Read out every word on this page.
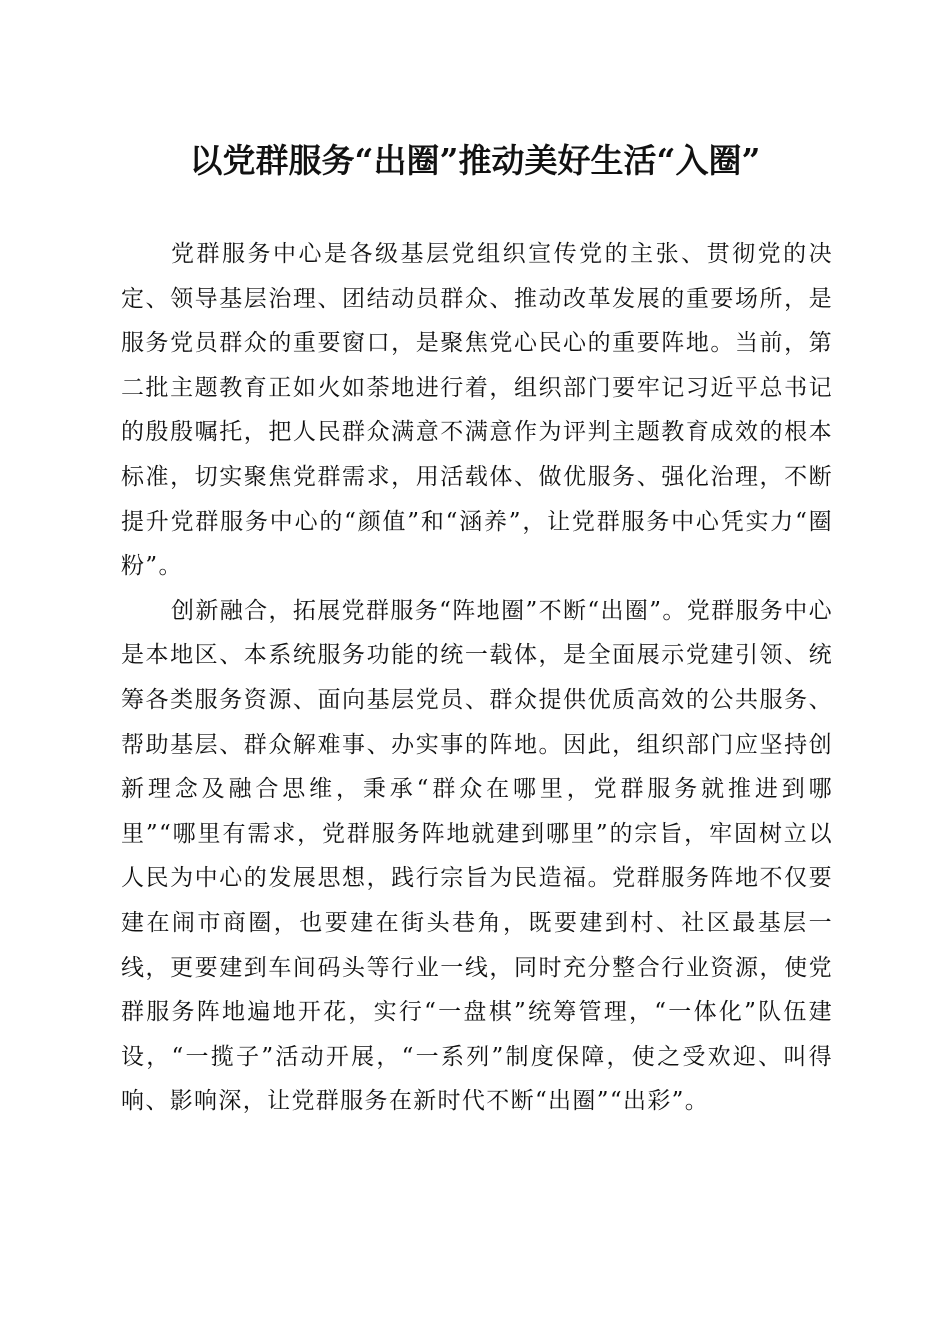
以党群服务“出圈”推动美好生活“入圈”

党群服务中心是各级基层党组织宣传党的主张、贯彻党的决定、领导基层治理、团结动员群众、推动改革发展的重要场所，是服务党员群众的重要窗口，是聚焦党心民心的重要阵地。当前，第二批主题教育正如火如荼地进行着，组织部门要牢记习近平总书记的殷殷嘱托，把人民群众满意不满意作为评判主题教育成效的根本标准，切实聚焦党群需求，用活载体、做优服务、强化治理，不断提升党群服务中心的“颜值”和“涵养”，让党群服务中心凭实力“圈粉”。

创新融合，拓展党群服务“阵地圈”不断“出圈”。党群服务中心是本地区、本系统服务功能的统一载体，是全面展示党建引领、统筹各类服务资源、面向基层党员、群众提供优质高效的公共服务、帮助基层、群众解难事、办实事的阵地。因此，组织部门应坚持创新理念及融合思维，秉承“群众在哪里，党群服务就推进到哪里”“哪里有需求，党群服务阵地就建到哪里”的宗旨，牢固树立以人民为中心的发展思想，践行宗旨为民造福。党群服务阵地不仅要建在闹市商圈，也要建在街头巷角，既要建到村、社区最基层一线，更要建到车间码头等行业一线，同时充分整合行业资源，使党群服务阵地遍地开花，实行“一盘棋”统筹管理，“一体化”队伍建设，“一揽子”活动开展，“一系列”制度保障，使之受欢迎、叫得响、影响深，让党群服务在新时代不断“出圈”“出彩”。
